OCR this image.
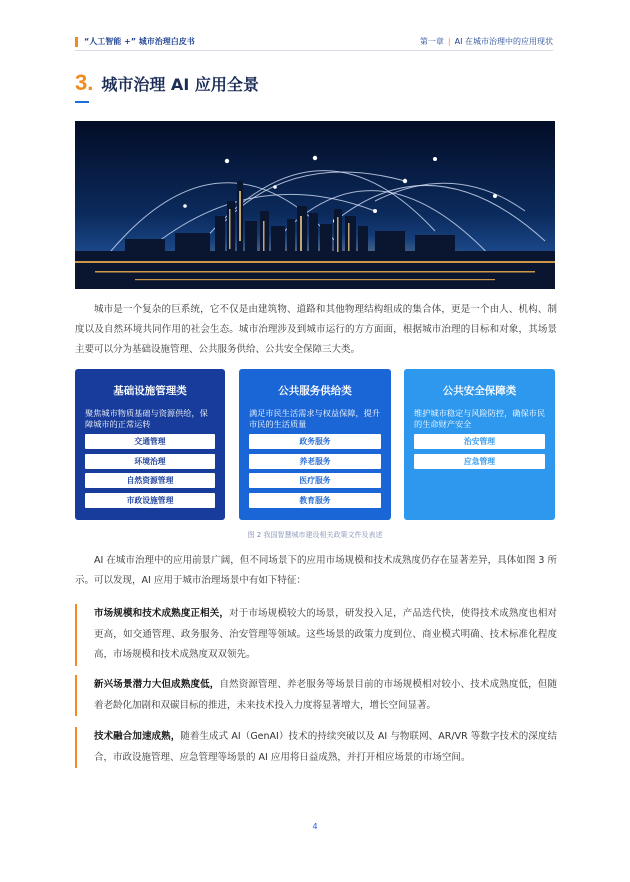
“人工智能 +” 城市治理白皮书	第一章 | AI 在城市治理中的应用现状
3. 城市治理 AI 应用全景

城市是一个复杂的巨系统，它不仅是由建筑物、道路和其他物理结构组成的集合体，更是一个由人、机构、制度以及自然环境共同作用的社会生态。城市治理涉及到城市运行的方方面面，根据城市治理的目标和对象，其场景主要可以分为基础设施管理、公共服务供给、公共安全保障三大类。

基础设施管理类
聚焦城市物质基础与资源供给，保障城市的正常运转
交通管理
环境治理
自然资源管理
市政设施管理
公共服务供给类
满足市民生活需求与权益保障，提升市民的生活质量
政务服务
养老服务
医疗服务
教育服务
公共安全保障类
维护城市稳定与风险防控，确保市民的生命财产安全
治安管理
应急管理
图 2 我国智慧城市建设相关政策文件及表述

AI 在城市治理中的应用前景广阔，但不同场景下的应用市场规模和技术成熟度仍存在显著差异，具体如图 3 所示。可以发现，AI 应用于城市治理场景中有如下特征：

市场规模和技术成熟度正相关，对于市场规模较大的场景，研发投入足，产品迭代快，使得技术成熟度也相对更高，如交通管理、政务服务、治安管理等领域。这些场景的政策力度到位、商业模式明确、技术标准化程度高，市场规模和技术成熟度双双领先。

新兴场景潜力大但成熟度低，自然资源管理、养老服务等场景目前的市场规模相对较小、技术成熟度低，但随着老龄化加剧和双碳目标的推进，未来技术投入力度将显著增大，增长空间显著。

技术融合加速成熟，随着生成式 AI（GenAI）技术的持续突破以及 AI 与物联网、AR/VR 等数字技术的深度结合，市政设施管理、应急管理等场景的 AI 应用将日益成熟，并打开相应场景的市场空间。

4
